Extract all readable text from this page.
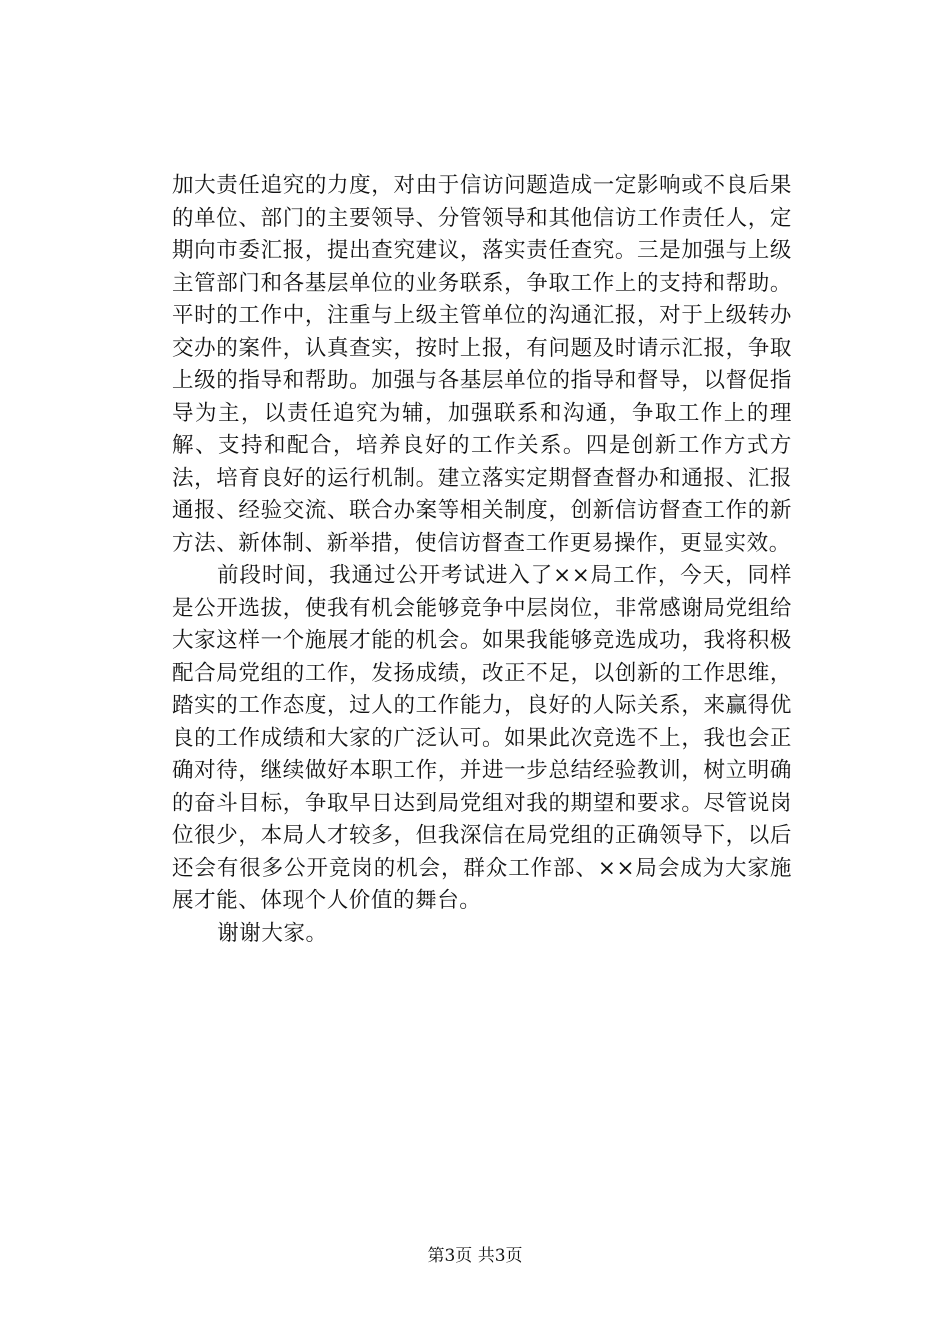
加大责任追究的力度，对由于信访问题造成一定影响或不良后果的单位、部门的主要领导、分管领导和其他信访工作责任人，定期向市委汇报，提出查究建议，落实责任查究。三是加强与上级主管部门和各基层单位的业务联系，争取工作上的支持和帮助。平时的工作中，注重与上级主管单位的沟通汇报，对于上级转办交办的案件，认真查实，按时上报，有问题及时请示汇报，争取上级的指导和帮助。加强与各基层单位的指导和督导，以督促指导为主，以责任追究为辅，加强联系和沟通，争取工作上的理解、支持和配合，培养良好的工作关系。四是创新工作方式方法，培育良好的运行机制。建立落实定期督查督办和通报、汇报通报、经验交流、联合办案等相关制度，创新信访督查工作的新方法、新体制、新举措，使信访督查工作更易操作，更显实效。

前段时间，我通过公开考试进入了××局工作，今天，同样是公开选拔，使我有机会能够竞争中层岗位，非常感谢局党组给大家这样一个施展才能的机会。如果我能够竞选成功，我将积极配合局党组的工作，发扬成绩，改正不足，以创新的工作思维，踏实的工作态度，过人的工作能力，良好的人际关系，来赢得优良的工作成绩和大家的广泛认可。如果此次竞选不上，我也会正确对待，继续做好本职工作，并进一步总结经验教训，树立明确的奋斗目标，争取早日达到局党组对我的期望和要求。尽管说岗位很少，本局人才较多，但我深信在局党组的正确领导下，以后还会有很多公开竞岗的机会，群众工作部、××局会成为大家施展才能、体现个人价值的舞台。

谢谢大家。

第3页 共3页
